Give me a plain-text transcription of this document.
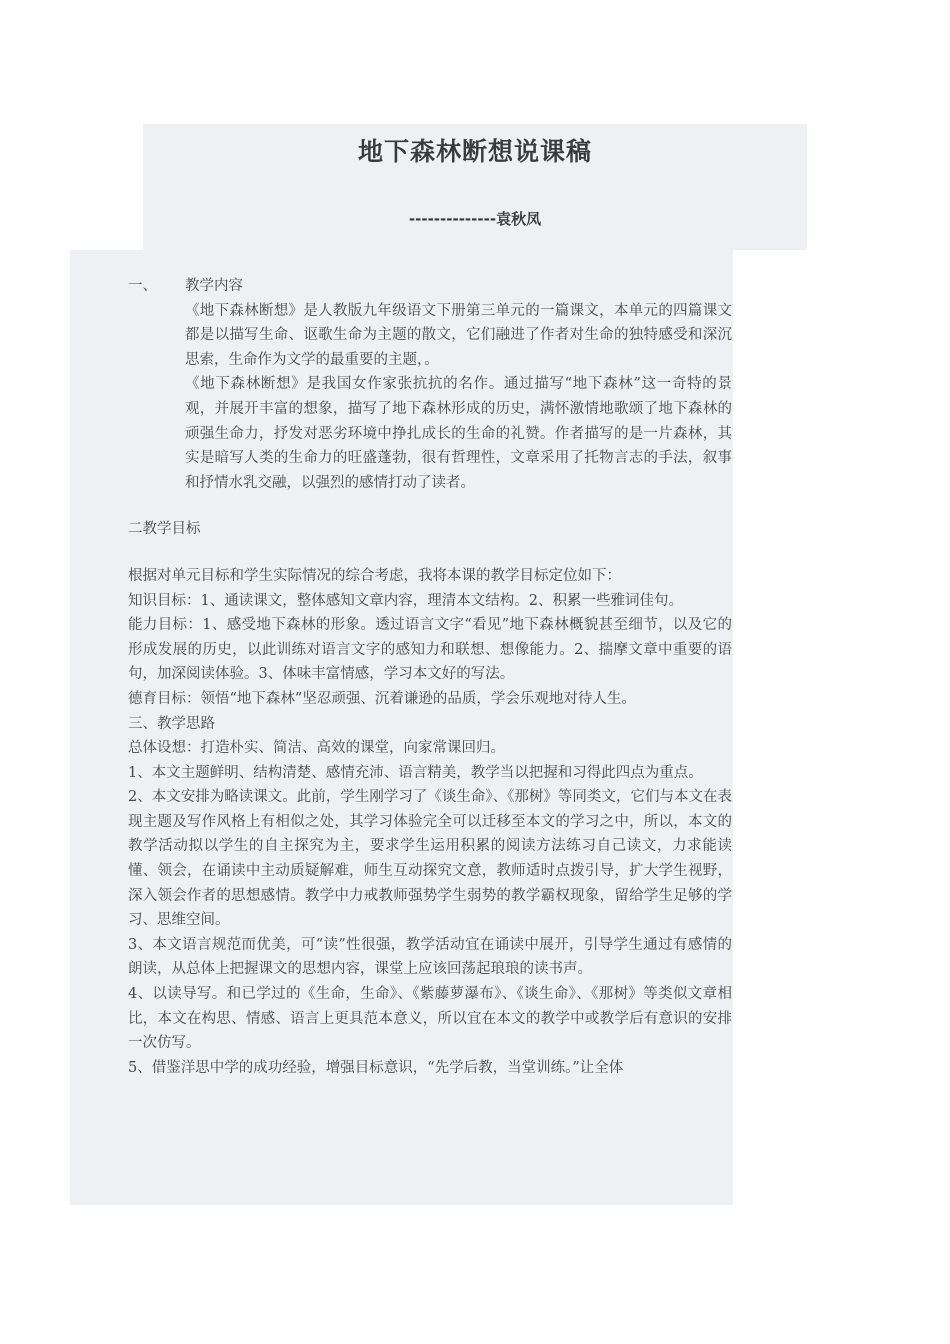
地下森林断想说课稿
--------------袁秋凤

一、	教学内容

《地下森林断想》是人教版九年级语文下册第三单元的一篇课文，本单元的四篇课文都是以描写生命、讴歌生命为主题的散文，它们融进了作者对生命的独特感受和深沉思索，生命作为文学的最重要的主题，。

《地下森林断想》是我国女作家张抗抗的名作。通过描写“地下森林”这一奇特的景观，并展开丰富的想象，描写了地下森林形成的历史，满怀激情地歌颂了地下森林的顽强生命力，抒发对恶劣环境中挣扎成长的生命的礼赞。作者描写的是一片森林，其实是暗写人类的生命力的旺盛蓬勃，很有哲理性，文章采用了托物言志的手法，叙事和抒情水乳交融，以强烈的感情打动了读者。

二教学目标

根据对单元目标和学生实际情况的综合考虑，我将本课的教学目标定位如下：

知识目标：1、通读课文，整体感知文章内容，理清本文结构。2、积累一些雅词佳句。

能力目标：1、感受地下森林的形象。透过语言文字“看见”地下森林概貌甚至细节，以及它的形成发展的历史，以此训练对语言文字的感知力和联想、想像能力。2、揣摩文章中重要的语句，加深阅读体验。3、体味丰富情感，学习本文好的写法。

德育目标：领悟“地下森林”坚忍顽强、沉着谦逊的品质，学会乐观地对待人生。

三、教学思路

总体设想：打造朴实、简洁、高效的课堂，向家常课回归。

1、本文主题鲜明、结构清楚、感情充沛、语言精美，教学当以把握和习得此四点为重点。

2、本文安排为略读课文。此前，学生刚学习了《谈生命》、《那树》等同类文，它们与本文在表现主题及写作风格上有相似之处，其学习体验完全可以迁移至本文的学习之中，所以，本文的教学活动拟以学生的自主探究为主，要求学生运用积累的阅读方法练习自己读文，力求能读懂、领会，在诵读中主动质疑解难，师生互动探究文意，教师适时点拨引导，扩大学生视野，深入领会作者的思想感情。教学中力戒教师强势学生弱势的教学霸权现象，留给学生足够的学习、思维空间。

3、本文语言规范而优美，可“读”性很强，教学活动宜在诵读中展开，引导学生通过有感情的朗读，从总体上把握课文的思想内容，课堂上应该回荡起琅琅的读书声。

4、以读导写。和已学过的《生命，生命》、《紫藤萝瀑布》、《谈生命》、《那树》等类似文章相比，本文在构思、情感、语言上更具范本意义，所以宜在本文的教学中或教学后有意识的安排一次仿写。

5、借鉴洋思中学的成功经验，增强目标意识，“先学后教，当堂训练。”让全体
